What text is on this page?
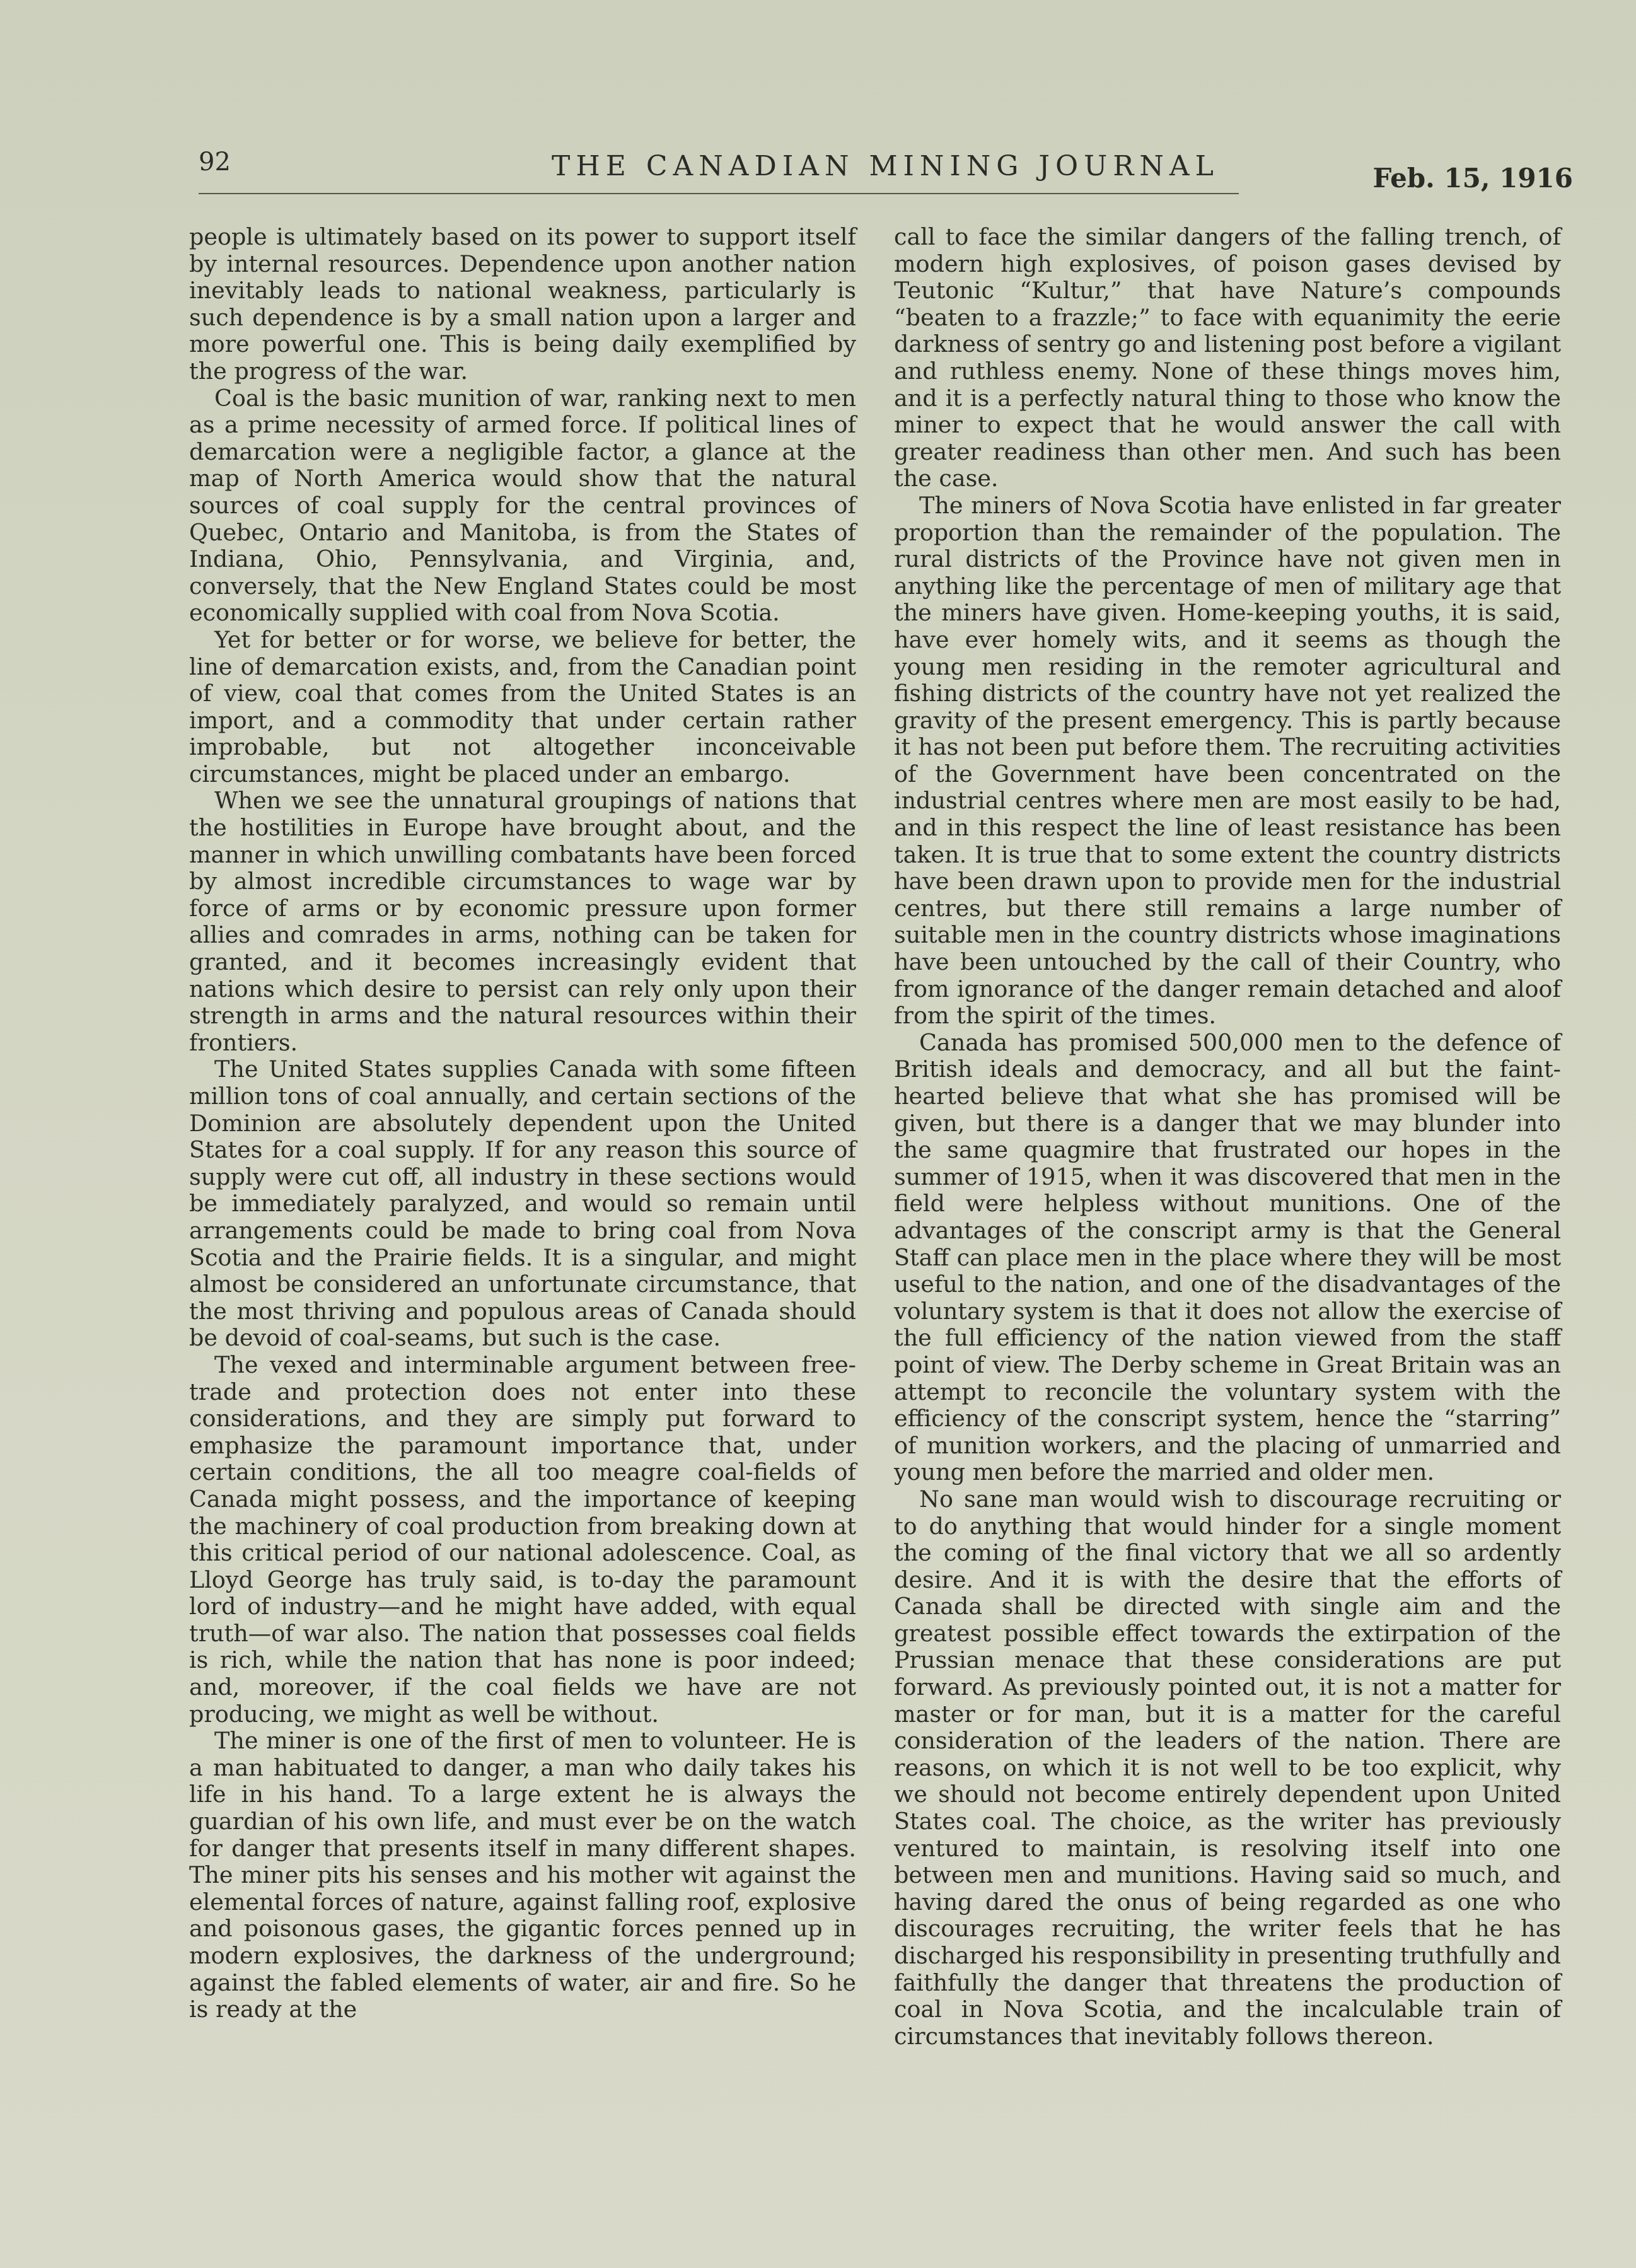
92	THE CANADIAN MINING JOURNAL	Feb. 15, 1916

people is ultimately based on its power to support itself by internal resources. Dependence upon another nation inevitably leads to national weakness, particularly is such dependence is by a small nation upon a larger and more powerful one. This is being daily exemplified by the progress of the war.

Coal is the basic munition of war, ranking next to men as a prime necessity of armed force. If political lines of demarcation were a negligible factor, a glance at the map of North America would show that the natural sources of coal supply for the central provinces of Quebec, Ontario and Manitoba, is from the States of Indiana, Ohio, Pennsylvania, and Virginia, and, conversely, that the New England States could be most economically supplied with coal from Nova Scotia.

Yet for better or for worse, we believe for better, the line of demarcation exists, and, from the Canadian point of view, coal that comes from the United States is an import, and a commodity that under certain rather improbable, but not altogether inconceivable circumstances, might be placed under an embargo.

When we see the unnatural groupings of nations that the hostilities in Europe have brought about, and the manner in which unwilling combatants have been forced by almost incredible circumstances to wage war by force of arms or by economic pressure upon former allies and comrades in arms, nothing can be taken for granted, and it becomes increasingly evident that nations which desire to persist can rely only upon their strength in arms and the natural resources within their frontiers.

The United States supplies Canada with some fifteen million tons of coal annually, and certain sections of the Dominion are absolutely dependent upon the United States for a coal supply. If for any reason this source of supply were cut off, all industry in these sections would be immediately paralyzed, and would so remain until arrangements could be made to bring coal from Nova Scotia and the Prairie fields. It is a singular, and might almost be considered an unfortunate circumstance, that the most thriving and populous areas of Canada should be devoid of coal-seams, but such is the case.

The vexed and interminable argument between free-trade and protection does not enter into these considerations, and they are simply put forward to emphasize the paramount importance that, under certain conditions, the all too meagre coal-fields of Canada might possess, and the importance of keeping the machinery of coal production from breaking down at this critical period of our national adolescence. Coal, as Lloyd George has truly said, is to-day the paramount lord of industry—and he might have added, with equal truth—of war also. The nation that possesses coal fields is rich, while the nation that has none is poor indeed; and, moreover, if the coal fields we have are not producing, we might as well be without.

The miner is one of the first of men to volunteer. He is a man habituated to danger, a man who daily takes his life in his hand. To a large extent he is always the guardian of his own life, and must ever be on the watch for danger that presents itself in many different shapes. The miner pits his senses and his mother wit against the elemental forces of nature, against falling roof, explosive and poisonous gases, the gigantic forces penned up in modern explosives, the darkness of the underground; against the fabled elements of water, air and fire. So he is ready at the

call to face the similar dangers of the falling trench, of modern high explosives, of poison gases devised by Teutonic “Kultur,” that have Nature’s compounds “beaten to a frazzle;” to face with equanimity the eerie darkness of sentry go and listening post before a vigilant and ruthless enemy. None of these things moves him, and it is a perfectly natural thing to those who know the miner to expect that he would answer the call with greater readiness than other men. And such has been the case.

The miners of Nova Scotia have enlisted in far greater proportion than the remainder of the population. The rural districts of the Province have not given men in anything like the percentage of men of military age that the miners have given. Home-keeping youths, it is said, have ever homely wits, and it seems as though the young men residing in the remoter agricultural and fishing districts of the country have not yet realized the gravity of the present emergency. This is partly because it has not been put before them. The recruiting activities of the Government have been concentrated on the industrial centres where men are most easily to be had, and in this respect the line of least resistance has been taken. It is true that to some extent the country districts have been drawn upon to provide men for the industrial centres, but there still remains a large number of suitable men in the country districts whose imaginations have been untouched by the call of their Country, who from ignorance of the danger remain detached and aloof from the spirit of the times.

Canada has promised 500,000 men to the defence of British ideals and democracy, and all but the faint-hearted believe that what she has promised will be given, but there is a danger that we may blunder into the same quagmire that frustrated our hopes in the summer of 1915, when it was discovered that men in the field were helpless without munitions. One of the advantages of the conscript army is that the General Staff can place men in the place where they will be most useful to the nation, and one of the disadvantages of the voluntary system is that it does not allow the exercise of the full efficiency of the nation viewed from the staff point of view. The Derby scheme in Great Britain was an attempt to reconcile the voluntary system with the efficiency of the conscript system, hence the “starring” of munition workers, and the placing of unmarried and young men before the married and older men.

No sane man would wish to discourage recruiting or to do anything that would hinder for a single moment the coming of the final victory that we all so ardently desire. And it is with the desire that the efforts of Canada shall be directed with single aim and the greatest possible effect towards the extirpation of the Prussian menace that these considerations are put forward. As previously pointed out, it is not a matter for master or for man, but it is a matter for the careful consideration of the leaders of the nation. There are reasons, on which it is not well to be too explicit, why we should not become entirely dependent upon United States coal. The choice, as the writer has previously ventured to maintain, is resolving itself into one between men and munitions. Having said so much, and having dared the onus of being regarded as one who discourages recruiting, the writer feels that he has discharged his responsibility in presenting truthfully and faithfully the danger that threatens the production of coal in Nova Scotia, and the incalculable train of circumstances that inevitably follows thereon.
